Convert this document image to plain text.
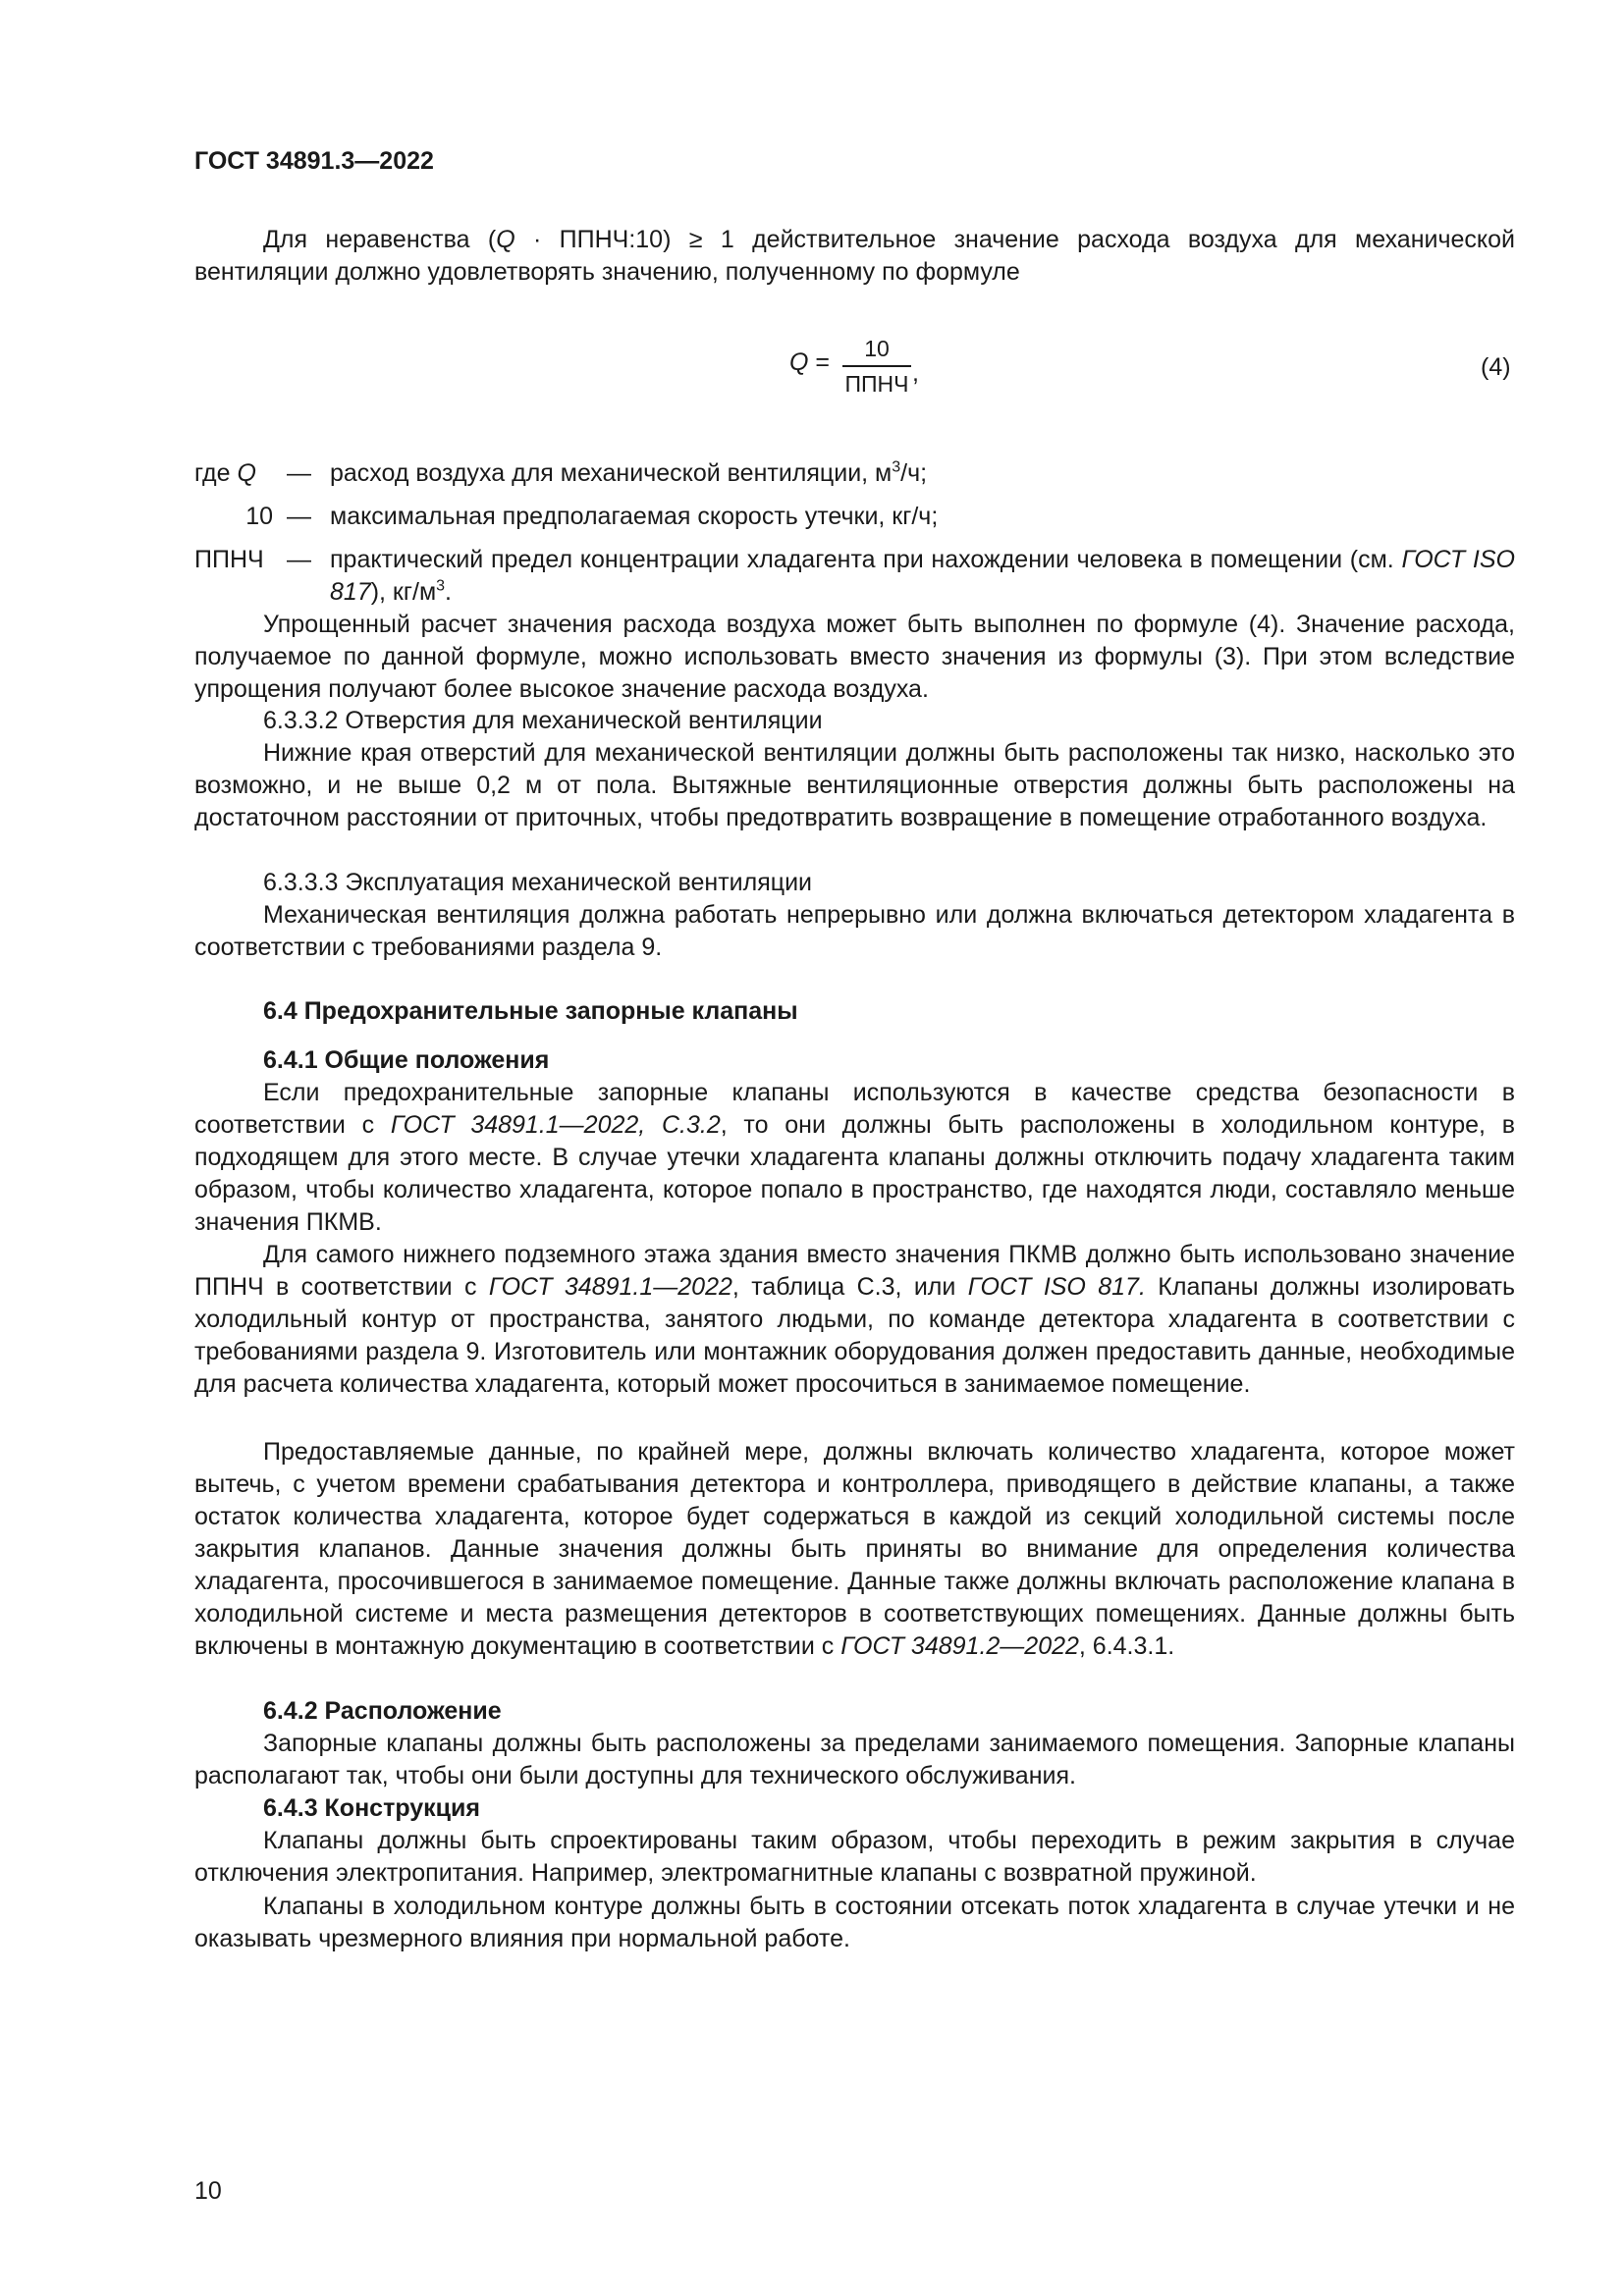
ГОСТ 34891.3—2022
Для неравенства (Q · ППНЧ:10) ≥ 1 действительное значение расхода воздуха для механической вентиляции должно удовлетворять значению, полученному по формуле
Q =	10
ППНЧ ,	(4)
где Q — расход воздуха для механической вентиляции, $м^3/ч$;
10 — максимальная предполагаемая скорость утечки, кг/ч;
ППНЧ — практический предел концентрации хладагента при нахождении человека в помещении (см. ГОСТ ISO 817), $кг/м^3$.
Упрощенный расчет значения расхода воздуха может быть выполнен по формуле (4). Значение расхода, получаемое по данной формуле, можно использовать вместо значения из формулы (3). При этом вследствие упрощения получают более высокое значение расхода воздуха.
6.3.3.2 Отверстия для механической вентиляции
Нижние края отверстий для механической вентиляции должны быть расположены так низко, насколько это возможно, и не выше 0,2 м от пола. Вытяжные вентиляционные отверстия должны быть расположены на достаточном расстоянии от приточных, чтобы предотвратить возвращение в помещение отработанного воздуха.
6.3.3.3 Эксплуатация механической вентиляции
Механическая вентиляция должна работать непрерывно или должна включаться детектором хладагента в соответствии с требованиями раздела 9.
6.4 Предохранительные запорные клапаны
6.4.1 Общие положения
Если предохранительные запорные клапаны используются в качестве средства безопасности в соответствии с ГОСТ 34891.1—2022, С.3.2, то они должны быть расположены в холодильном контуре, в подходящем для этого месте. В случае утечки хладагента клапаны должны отключить подачу хладагента таким образом, чтобы количество хладагента, которое попало в пространство, где находятся люди, составляло меньше значения ПКМВ.
Для самого нижнего подземного этажа здания вместо значения ПКМВ должно быть использовано значение ППНЧ в соответствии с ГОСТ 34891.1—2022, таблица С.3, или ГОСТ ISO 817. Клапаны должны изолировать холодильный контур от пространства, занятого людьми, по команде детектора хладагента в соответствии с требованиями раздела 9. Изготовитель или монтажник оборудования должен предоставить данные, необходимые для расчета количества хладагента, который может просочиться в занимаемое помещение.
Предоставляемые данные, по крайней мере, должны включать количество хладагента, которое может вытечь, с учетом времени срабатывания детектора и контроллера, приводящего в действие клапаны, а также остаток количества хладагента, которое будет содержаться в каждой из секций холодильной системы после закрытия клапанов. Данные значения должны быть приняты во внимание для определения количества хладагента, просочившегося в занимаемое помещение. Данные также должны включать расположение клапана в холодильной системе и места размещения детекторов в соответствующих помещениях. Данные должны быть включены в монтажную документацию в соответствии с ГОСТ 34891.2—2022, 6.4.3.1.
6.4.2 Расположение
Запорные клапаны должны быть расположены за пределами занимаемого помещения. Запорные клапаны располагают так, чтобы они были доступны для технического обслуживания.
6.4.3 Конструкция
Клапаны должны быть спроектированы таким образом, чтобы переходить в режим закрытия в случае отключения электропитания. Например, электромагнитные клапаны с возвратной пружиной.
Клапаны в холодильном контуре должны быть в состоянии отсекать поток хладагента в случае утечки и не оказывать чрезмерного влияния при нормальной работе.
10
